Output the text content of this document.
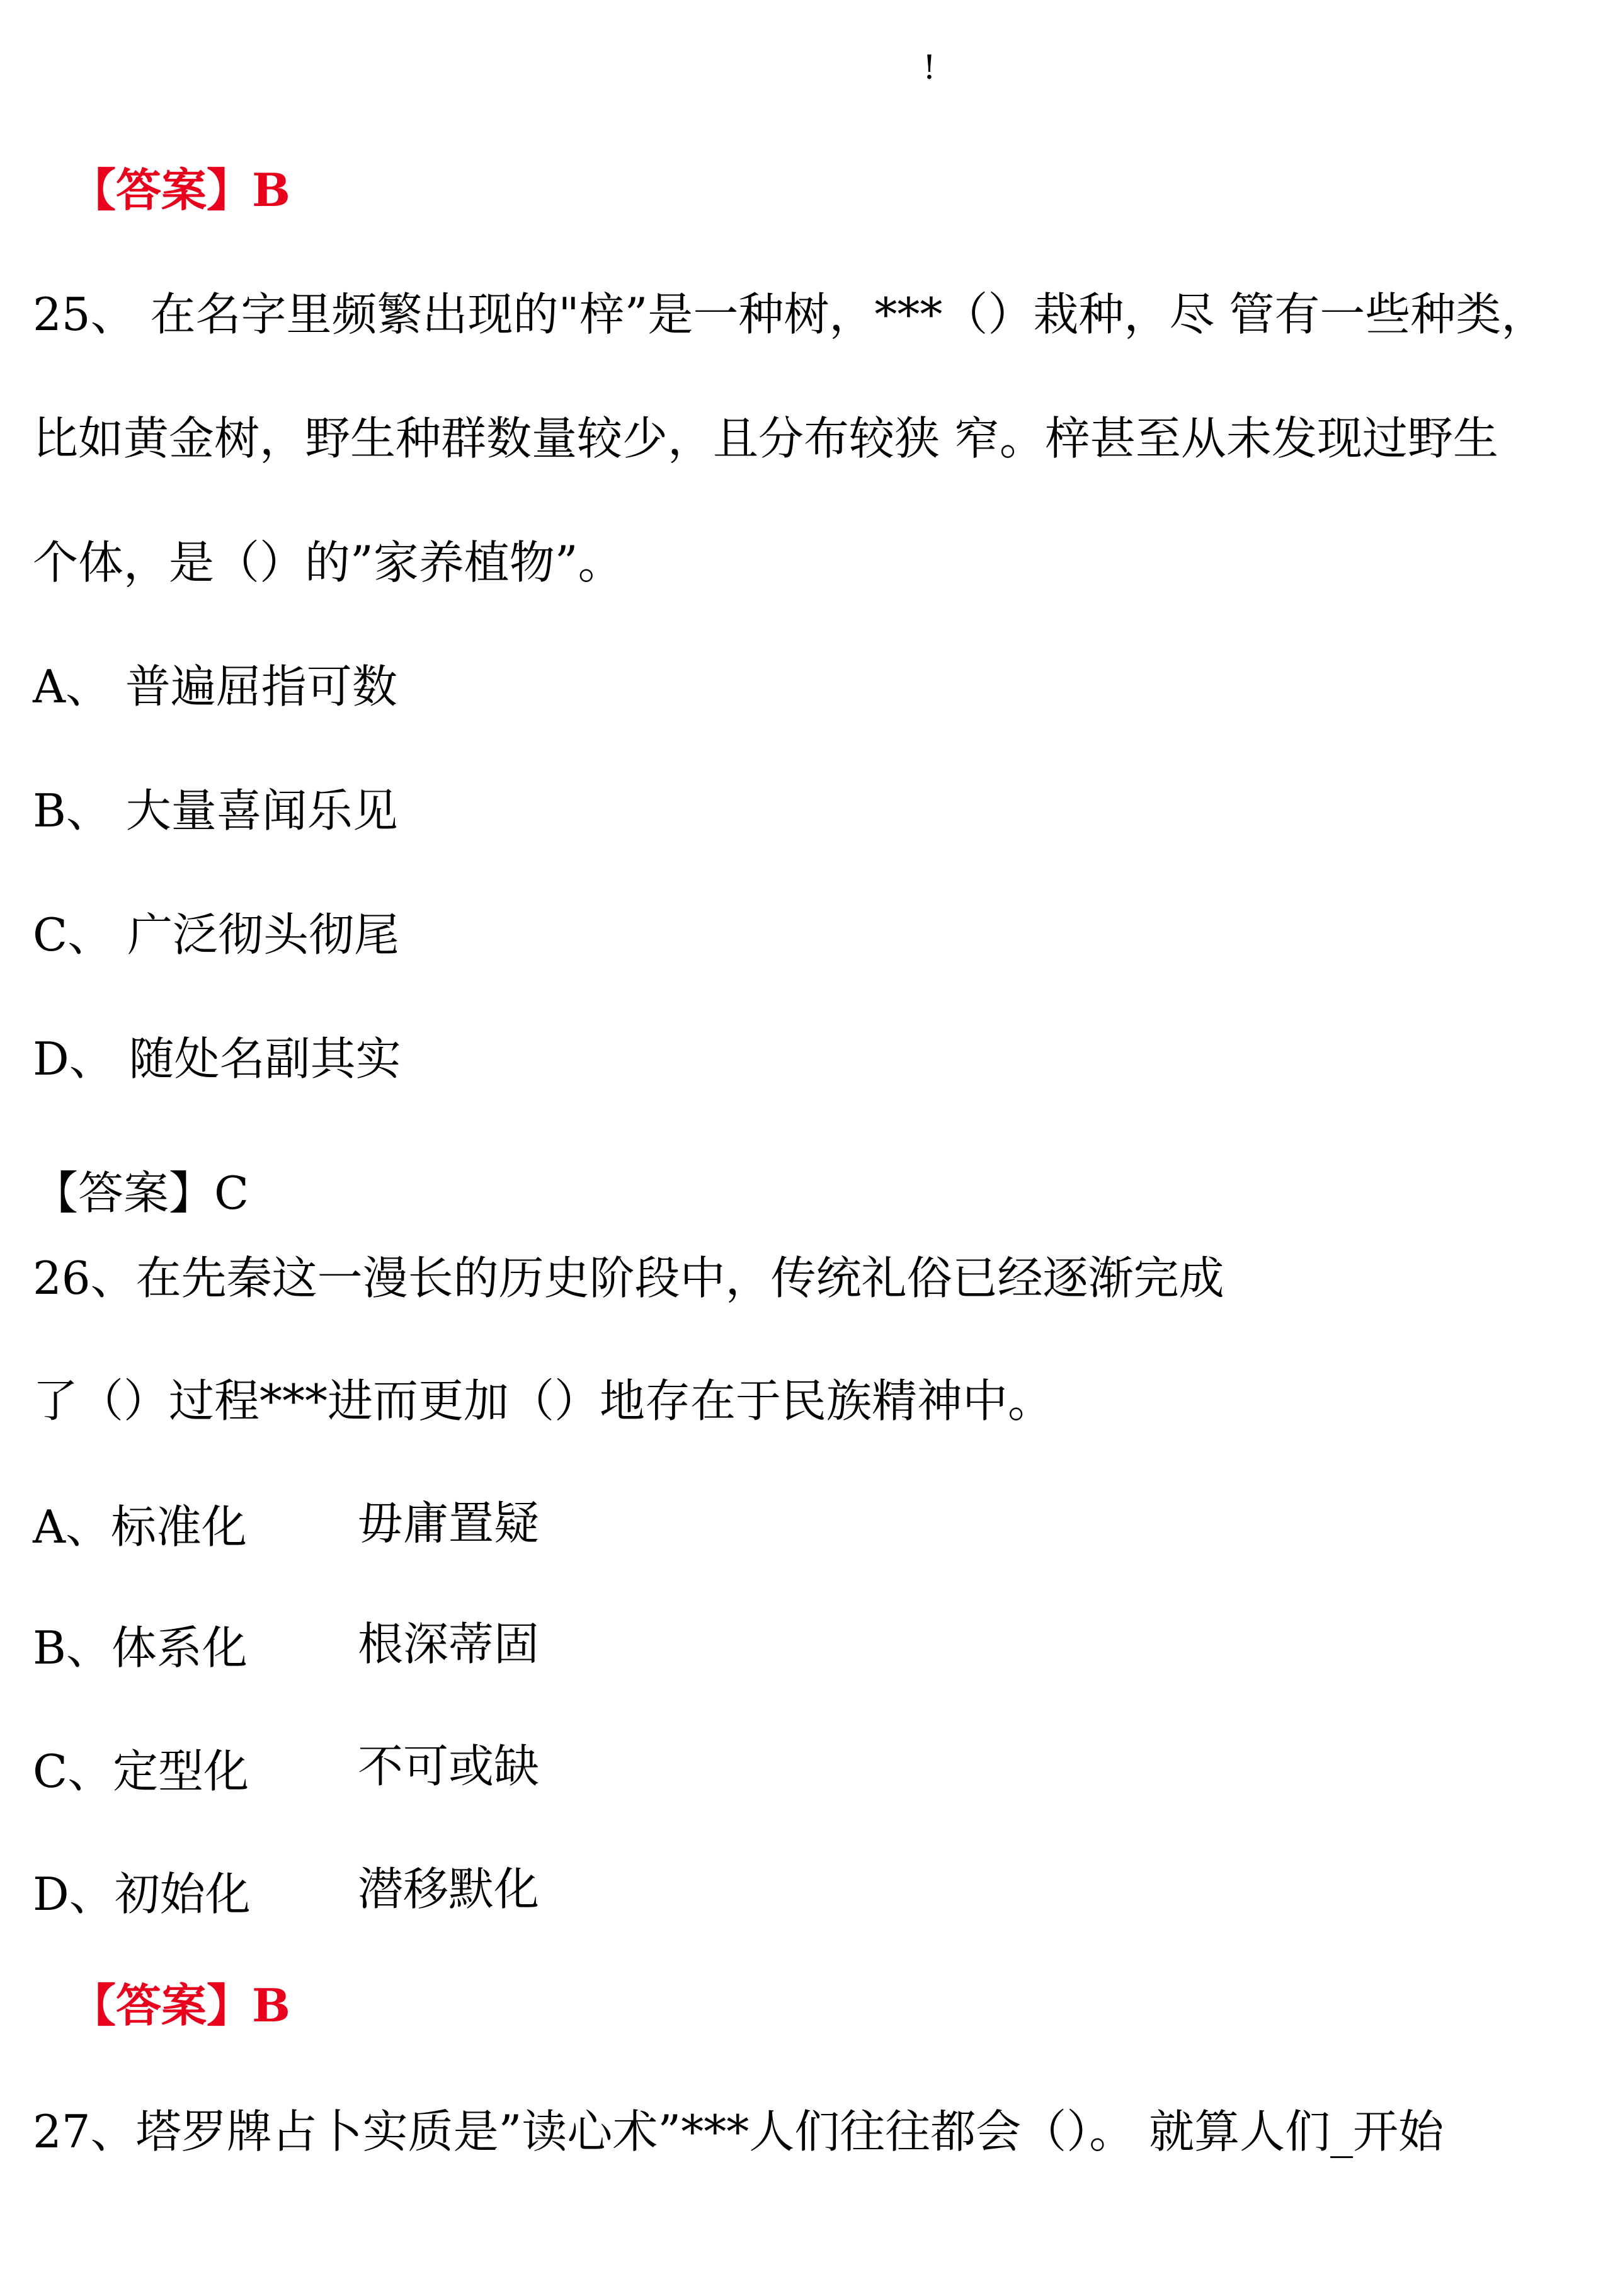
!
【答案】B
25、 在名字里频繁出现的"梓”是一种树，***（）栽种，尽 管有一些种类，
比如黄金树，野生种群数量较少，且分布较狭 窄。梓甚至从未发现过野生
个体，是（）的”家养植物”。
A、 普遍屈指可数
B、 大量喜闻乐见
C、 广泛彻头彻尾
D、 随处名副其实
【答案】C
26、在先秦这一漫长的历史阶段中，传统礼俗已经逐渐完成
了（）过程***进而更加（）地存在于民族精神中。
A、标准化 毋庸置疑
B、体系化 根深蒂固
C、定型化 不可或缺
D、初始化 潜移默化
【答案】B
27、塔罗牌占卜实质是”读心术”***人们往往都会（）。 就算人们_开始
